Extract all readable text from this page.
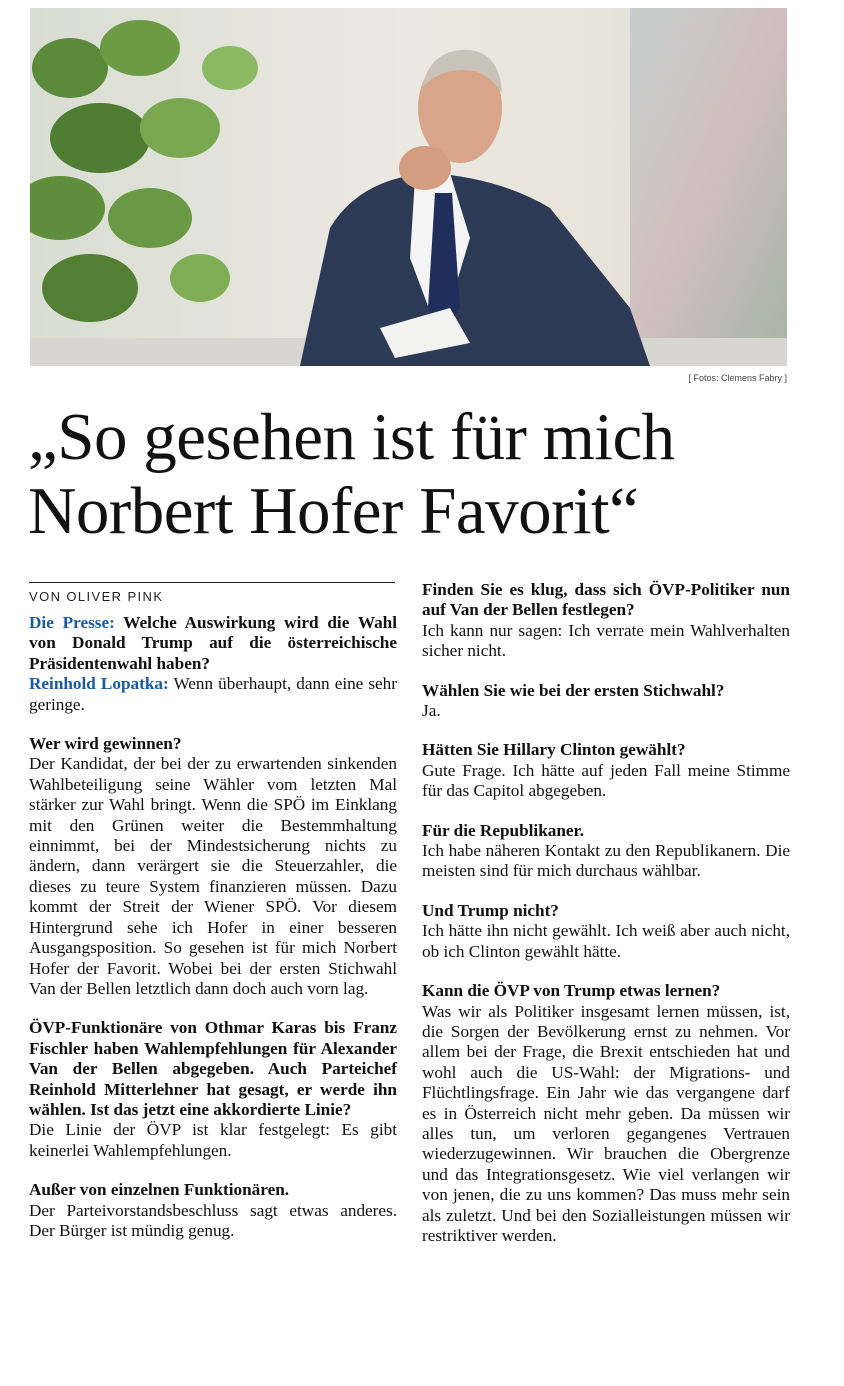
[ Fotos: Clemens Fabry ]
„So gesehen ist für mich
Norbert Hofer Favorit“

VON OLIVER PINK

Die Presse: Welche Auswirkung wird die Wahl von Donald Trump auf die österreichische Präsidentenwahl haben?

Reinhold Lopatka: Wenn überhaupt, dann eine sehr geringe.

Wer wird gewinnen?

Der Kandidat, der bei der zu erwartenden sinkenden Wahlbeteiligung seine Wähler vom letzten Mal stärker zur Wahl bringt. Wenn die SPÖ im Einklang mit den Grünen weiter die Bestemmhaltung einnimmt, bei der Mindestsicherung nichts zu ändern, dann verärgert sie die Steuerzahler, die dieses zu teure System finanzieren müssen. Dazu kommt der Streit der Wiener SPÖ. Vor diesem Hintergrund sehe ich Hofer in einer besseren Ausgangsposition. So gesehen ist für mich Norbert Hofer der Favorit. Wobei bei der ersten Stichwahl Van der Bellen letztlich dann doch auch vorn lag.

ÖVP-Funktionäre von Othmar Karas bis Franz Fischler haben Wahlempfehlungen für Alexander Van der Bellen abgegeben. Auch Parteichef Reinhold Mitterlehner hat gesagt, er werde ihn wählen. Ist das jetzt eine akkordierte Linie?

Die Linie der ÖVP ist klar festgelegt: Es gibt keinerlei Wahlempfehlungen.

Außer von einzelnen Funktionären.

Der Parteivorstandsbeschluss sagt etwas anderes. Der Bürger ist mündig genug.

Finden Sie es klug, dass sich ÖVP-Politiker nun auf Van der Bellen festlegen?

Ich kann nur sagen: Ich verrate mein Wahlverhalten sicher nicht.

Wählen Sie wie bei der ersten Stichwahl?

Ja.

Hätten Sie Hillary Clinton gewählt?

Gute Frage. Ich hätte auf jeden Fall meine Stimme für das Capitol abgegeben.

Für die Republikaner.

Ich habe näheren Kontakt zu den Republikanern. Die meisten sind für mich durchaus wählbar.

Und Trump nicht?

Ich hätte ihn nicht gewählt. Ich weiß aber auch nicht, ob ich Clinton gewählt hätte.

Kann die ÖVP von Trump etwas lernen?

Was wir als Politiker insgesamt lernen müssen, ist, die Sorgen der Bevölkerung ernst zu nehmen. Vor allem bei der Frage, die Brexit entschieden hat und wohl auch die US-Wahl: der Migrations- und Flüchtlingsfrage. Ein Jahr wie das vergangene darf es in Österreich nicht mehr geben. Da müssen wir alles tun, um verloren gegangenes Vertrauen wiederzugewinnen. Wir brauchen die Obergrenze und das Integrationsgesetz. Wie viel verlangen wir von jenen, die zu uns kommen? Das muss mehr sein als zuletzt. Und bei den Sozialleistungen müssen wir restriktiver werden.
